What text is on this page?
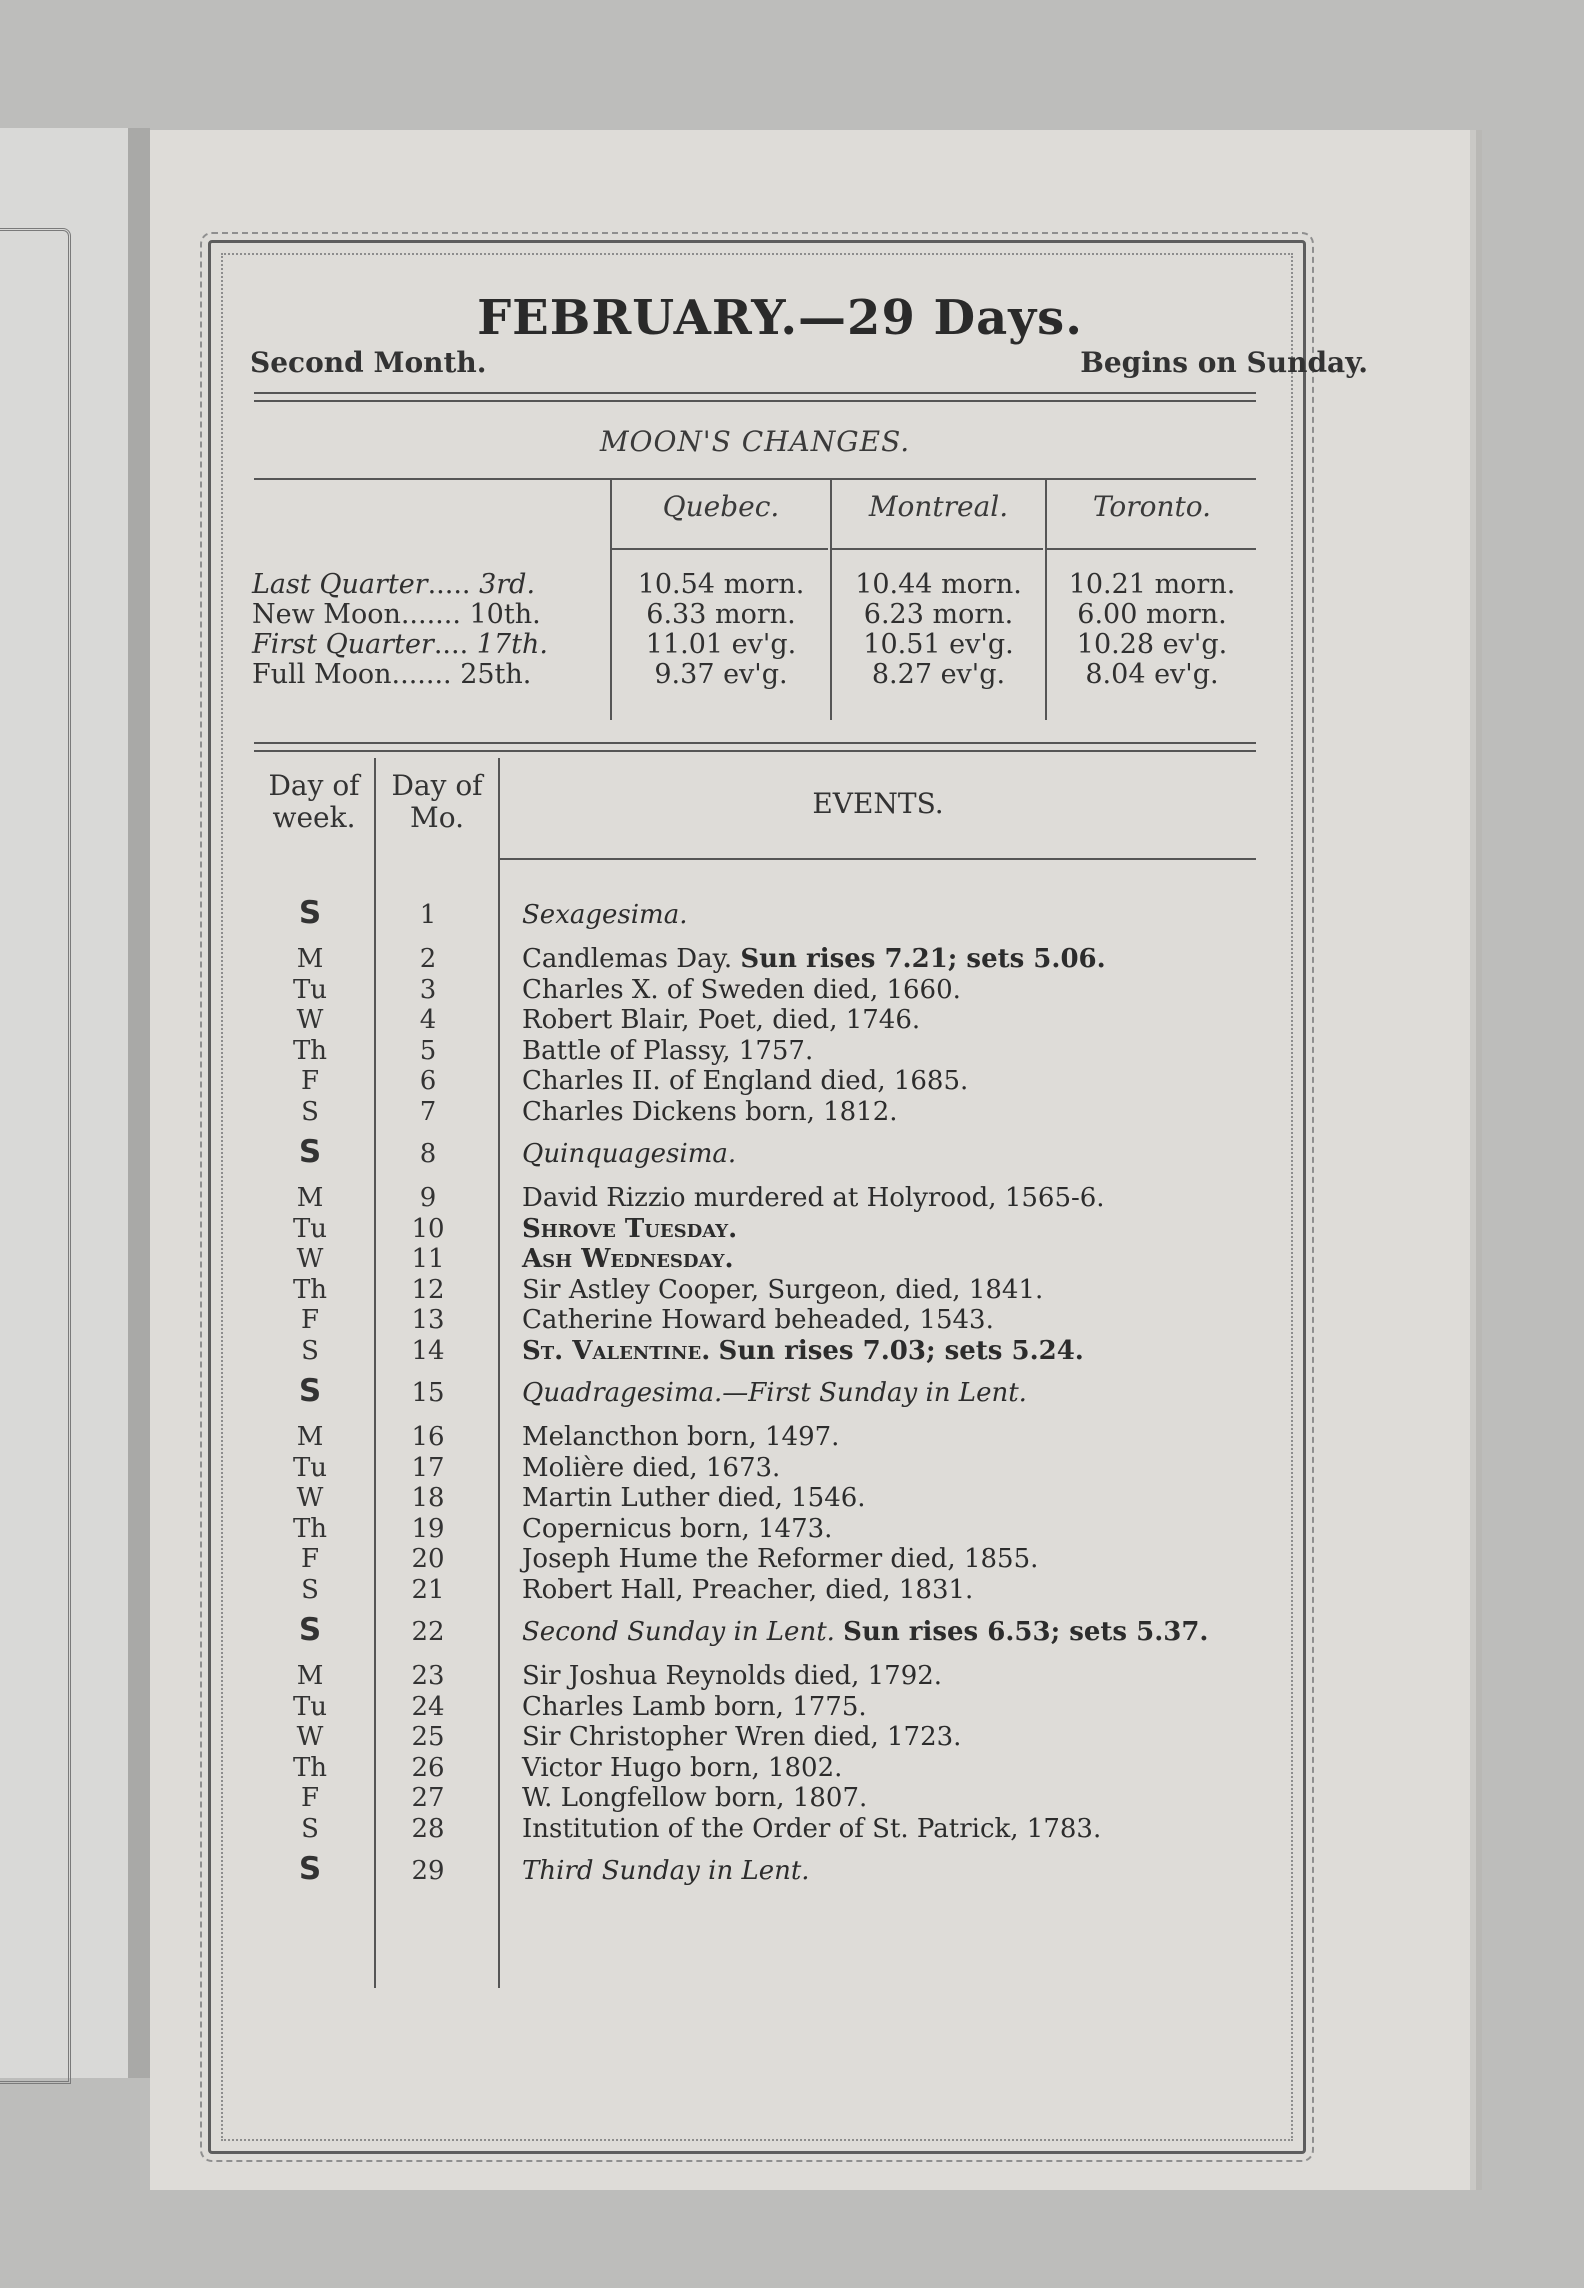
FEBRUARY.—29 Days.
Second Month.	Begins on Sunday.
MOON'S CHANGES.
Quebec.	Montreal.	Toronto.
Day of week.
Day of Mo.	EVENTS.
Last Quarter..... 3rd.	10.54 morn.	10.44 morn.	10.21 morn.
New Moon....... 10th.	6.33 morn.	6.23 morn.	6.00 morn.
First Quarter.... 17th.	11.01 ev'g.	10.51 ev'g.	10.28 ev'g.
Full Moon....... 25th.	9.37 ev'g.	8.27 ev'g.	8.04 ev'g.
S	1	Sexagesima.
M	2	Candlemas Day. Sun rises 7.21; sets 5.06.
Tu	3	Charles X. of Sweden died, 1660.
W	4	Robert Blair, Poet, died, 1746.
Th	5	Battle of Plassy, 1757.
F	6	Charles II. of England died, 1685.
S	7	Charles Dickens born, 1812.
S	8	Quinquagesima.
M	9	David Rizzio murdered at Holyrood, 1565-6.
Tu	10	Shrove Tuesday.
W	11	Ash Wednesday.
Th	12	Sir Astley Cooper, Surgeon, died, 1841.
F	13	Catherine Howard beheaded, 1543.
S	14	St. Valentine. Sun rises 7.03; sets 5.24.
S	15	Quadragesima.—First Sunday in Lent.
M	16	Melancthon born, 1497.
Tu	17	Molière died, 1673.
W	18	Martin Luther died, 1546.
Th	19	Copernicus born, 1473.
F	20	Joseph Hume the Reformer died, 1855.
S	21	Robert Hall, Preacher, died, 1831.
S	22	Second Sunday in Lent. Sun rises 6.53; sets 5.37.
M	23	Sir Joshua Reynolds died, 1792.
Tu	24	Charles Lamb born, 1775.
W	25	Sir Christopher Wren died, 1723.
Th	26	Victor Hugo born, 1802.
F	27	W. Longfellow born, 1807.
S	28	Institution of the Order of St. Patrick, 1783.
S	29	Third Sunday in Lent.
